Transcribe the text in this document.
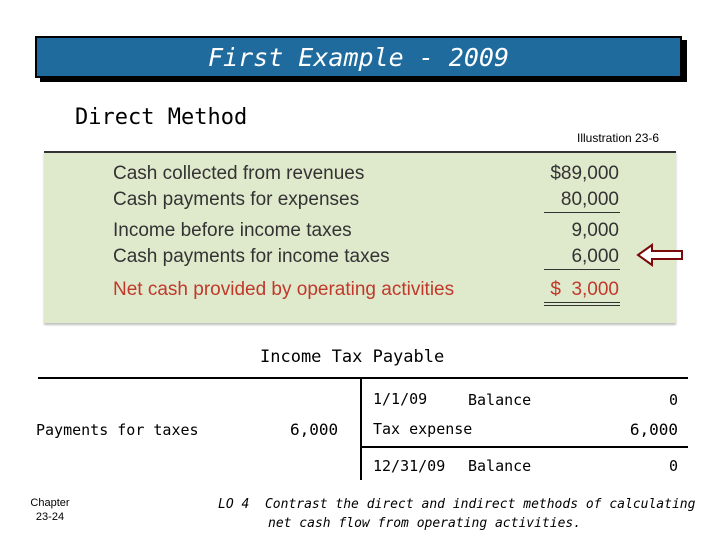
First Example - 2009
Direct Method
Illustration 23-6
Cash collected from revenues	$89,000
Cash payments for expenses	80,000
Income before income taxes	9,000
Cash payments for income taxes	6,000
Net cash provided by operating activities	$  3,000
Income Tax Payable
Payments for taxes	6,000
1/1/09	Balance	0
Tax expense	6,000
12/31/09 Balance	0
Chapter
23-24
LO 4  Contrast the direct and indirect methods of calculating
net cash flow from operating activities.
